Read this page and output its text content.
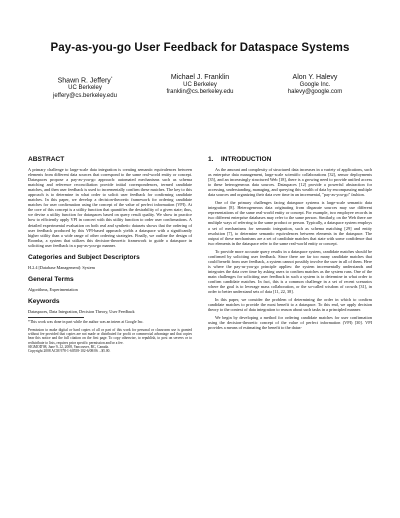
Pay-as-you-go User Feedback for Dataspace Systems
Shawn R. Jeffery*
UC Berkeley
jeffery@cs.berkeley.edu
Michael J. Franklin
UC Berkeley
franklin@cs.berkeley.edu
Alon Y. Halevy
Google Inc.
halevy@google.com
ABSTRACT

A primary challenge to large-scale data integration is creating semantic equivalences between elements from different data sources that correspond to the same real-world entity or concept. Dataspaces propose a pay-as-you-go approach: automated mechanisms such as schema matching and reference reconciliation provide initial correspondences, termed candidate matches, and then user feedback is used to incrementally confirm these matches. The key to this approach is to determine in what order to solicit user feedback for confirming candidate matches. In this paper, we develop a decision-theoretic framework for ordering candidate matches for user confirmation using the concept of the value of perfect information (VPI). At the core of this concept is a utility function that quantifies the desirability of a given state; thus, we devise a utility function for dataspaces based on query result quality. We show in practice how to efficiently apply VPI in concert with this utility function to order user confirmations. A detailed experimental evaluation on both real and synthetic datasets shows that the ordering of user feedback produced by this VPI-based approach yields a dataspace with a significantly higher utility than a wide range of other ordering strategies. Finally, we outline the design of Roomba, a system that utilizes this decision-theoretic framework to guide a dataspace in soliciting user feedback in a pay-as-you-go manner.

Categories and Subject Descriptors

H.2.4 [Database Management]: System

General Terms

Algorithms, Experimentation

Keywords

Dataspaces, Data Integration, Decision Theory, User Feedback

*This work was done in part while the author was an intern at Google Inc.

Permission to make digital or hard copies of all or part of this work for personal or classroom use is granted without fee provided that copies are not made or distributed for profit or commercial advantage and that copies bear this notice and the full citation on the first page. To copy otherwise, to republish, to post on servers or to redistribute to lists, requires prior specific permission and/or a fee.
SIGMOD'08, June 9–12, 2008, Vancouver, BC, Canada.
Copyright 2008 ACM 978-1-60558-102-6/08/06 ...$5.00.
1.    INTRODUCTION

As the amount and complexity of structured data increases in a variety of applications, such as enterprise data management, large-scale scientific collaborations [32], sensor deployments [35], and an increasingly structured Web [18], there is a growing need to provide unified access to these heterogeneous data sources. Dataspaces [12] provide a powerful abstraction for accessing, understanding, managing, and querying this wealth of data by encompassing multiple data sources and organizing their data over time in an incremental, "pay-as-you-go" fashion.

One of the primary challenges facing dataspace systems is large-scale semantic data integration [8]. Heterogeneous data originating from disparate sources may use different representations of the same real-world entity or concept. For example, two employee records in two different enterprise databases may refer to the same person. Similarly, on the Web there are multiple ways of referring to the same product or person. Typically, a dataspace system employs a set of mechanisms for semantic integration, such as schema matching [29] and entity resolution [7], to determine semantic equivalences between elements in the dataspace. The output of these mechanisms are a set of candidate matches that state with some confidence that two elements in the dataspace refer to the same real-world entity or concept.

To provide more accurate query results in a dataspace system, candidate matches should be confirmed by soliciting user feedback. Since there are far too many candidate matches that could benefit from user feedback, a system cannot possibly involve the user in all of them. Here is where the pay-as-you-go principle applies: the system incrementally understands and integrates the data over time by asking users to confirm matches as the system runs. One of the main challenges for soliciting user feedback in such a system is to determine in what order to confirm candidate matches. In fact, this is a common challenge in a set of recent scenarios where the goal is to leverage mass collaboration, or the so-called wisdom of crowds [31], in order to better understand sets of data [11, 22, 38].

In this paper, we consider the problem of determining the order in which to confirm candidate matches to provide the most benefit to a dataspace. To this end, we apply decision theory to the context of data integration to reason about such tasks in a principled manner.

We begin by developing a method for ordering candidate matches for user confirmation using the decision-theoretic concept of the value of perfect information (VPI) [30]. VPI provides a means of estimating the benefit to the datas-
